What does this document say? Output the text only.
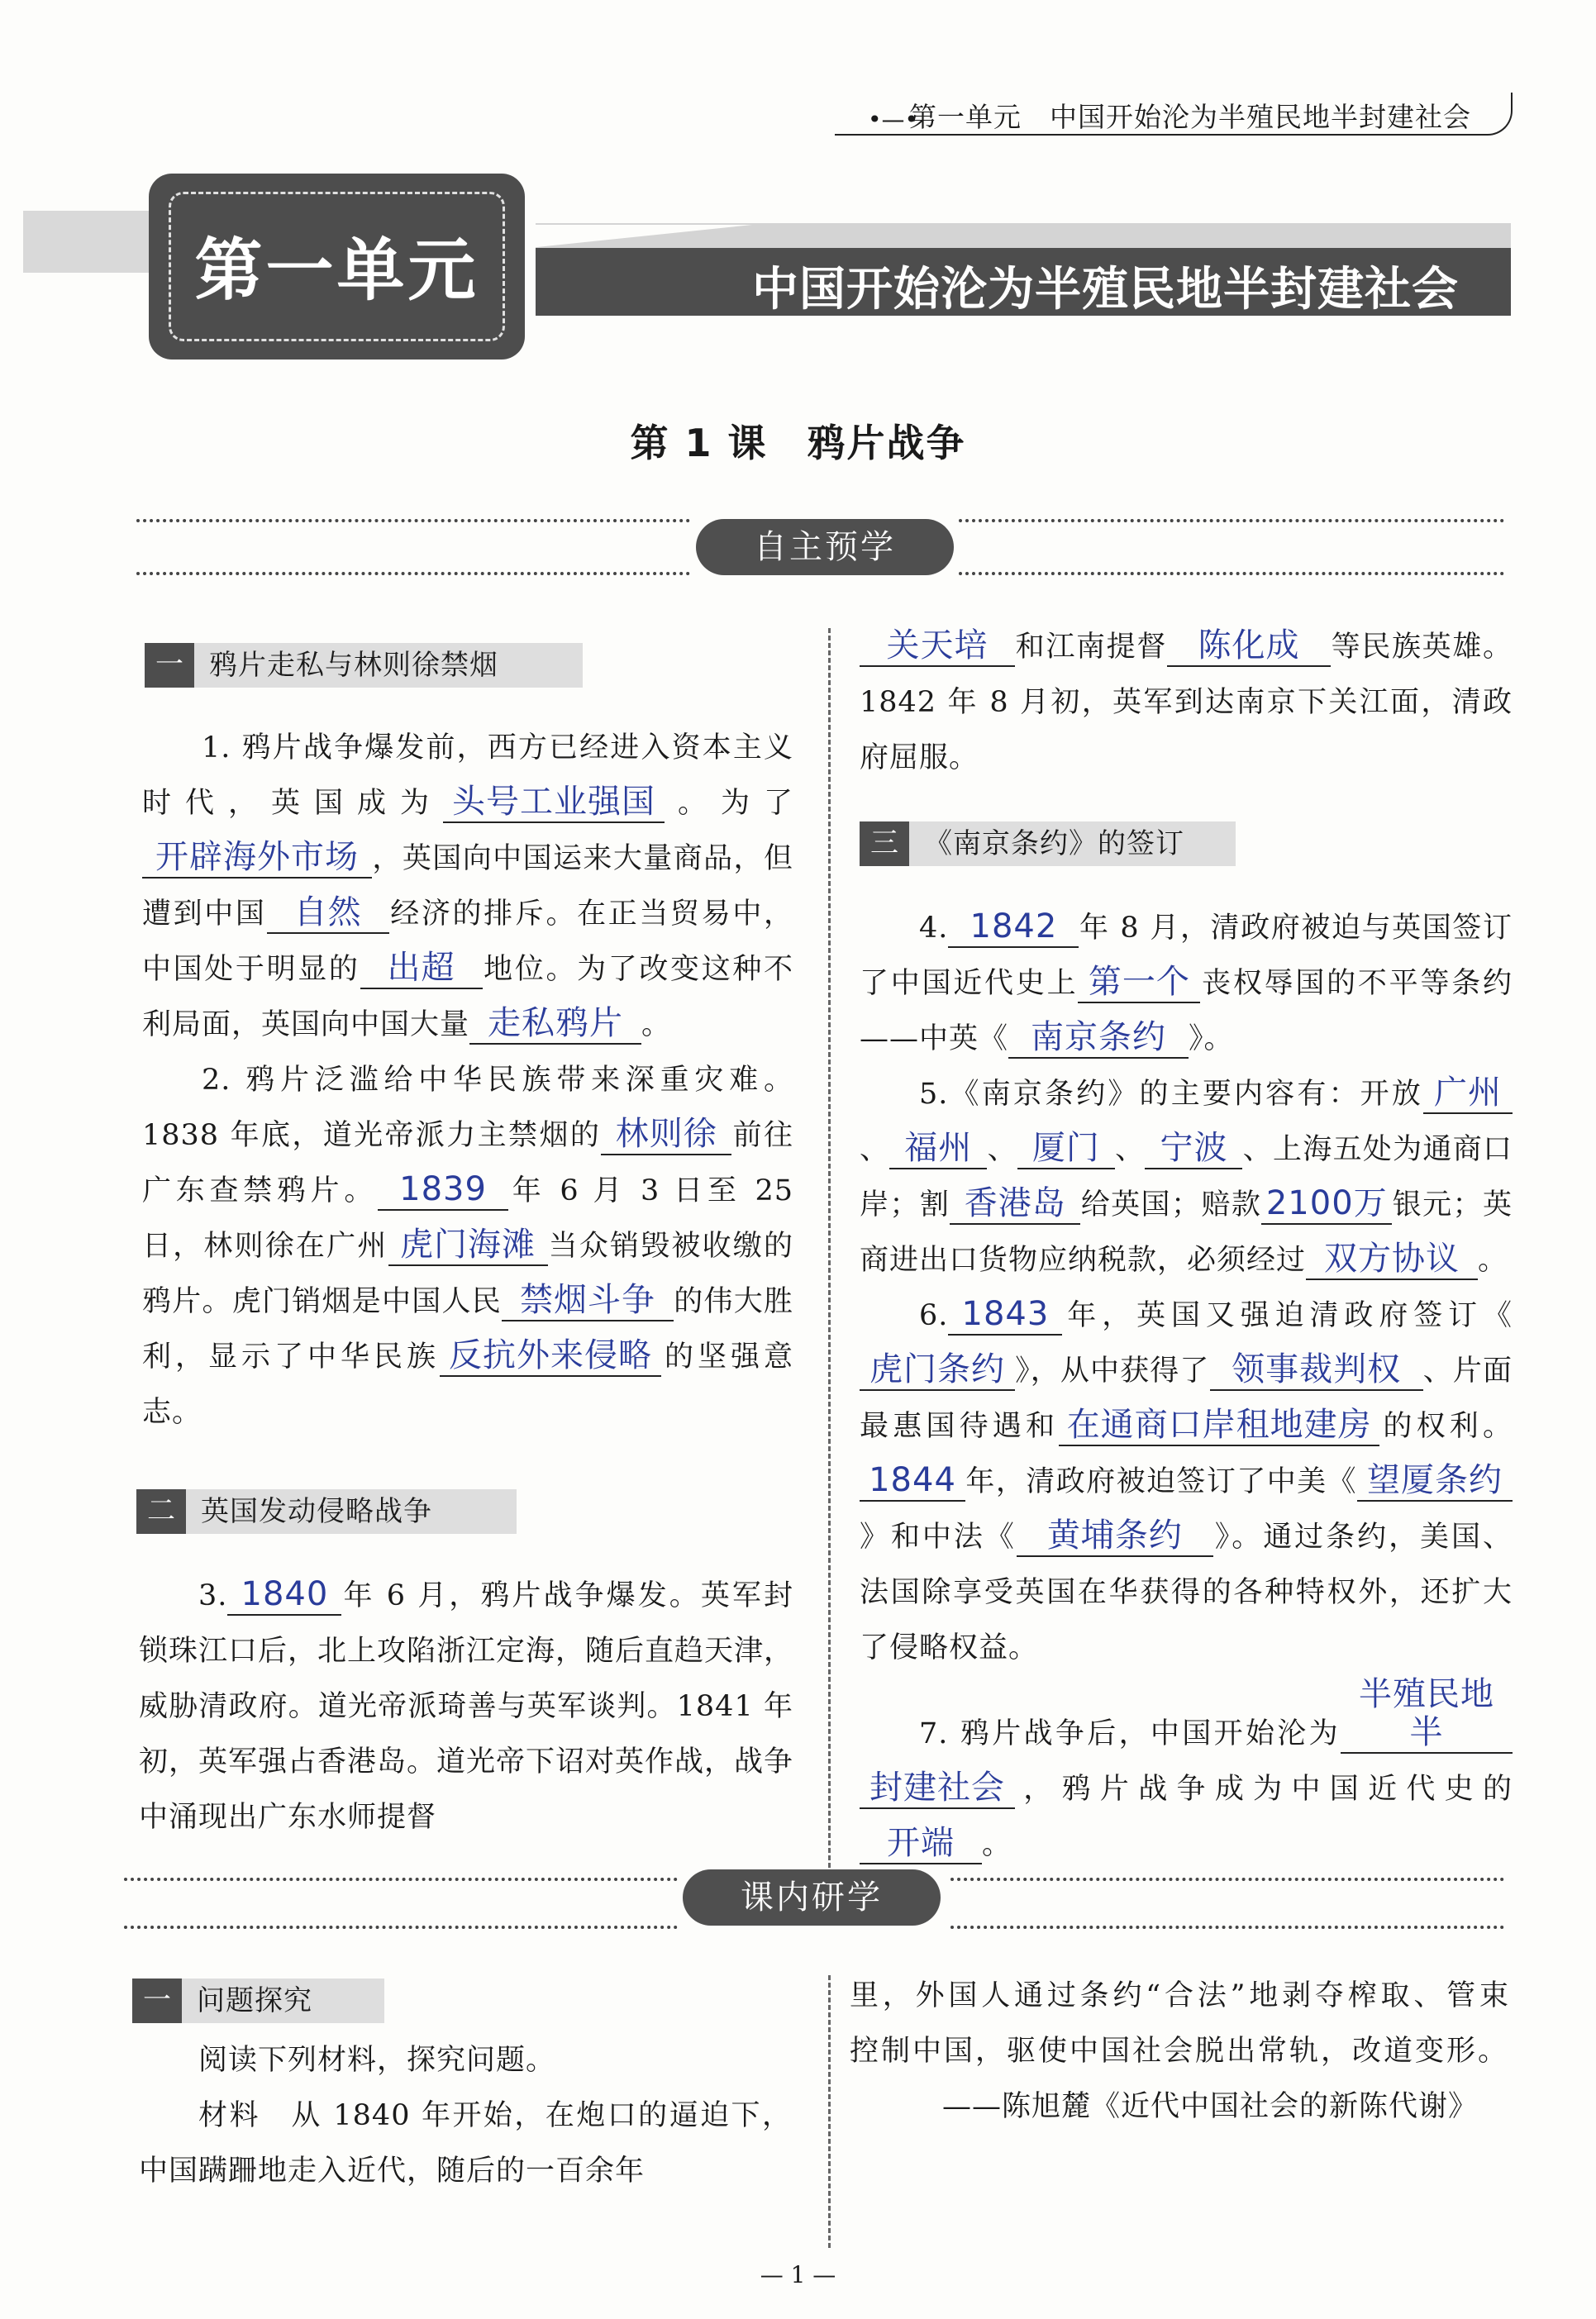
•—•
第一单元　中国开始沦为半殖民地半封建社会
第一单元	中国开始沦为半殖民地半封建社会
第 1 课　鸦片战争
自主预学
一 鸦片走私与林则徐禁烟

1. 鸦片战争爆发前，西方已经进入资本主义时代，英国成为 头号工业强国 。为了开辟海外市场 ，英国向中国运来大量商品，但遭到中国 自然 经济的排斥。在正当贸易中，中国处于明显的 出超 地位。为了改变这种不利局面，英国向中国大量 走私鸦片 。

2. 鸦片泛滥给中华民族带来深重灾难。1838 年底，道光帝派力主禁烟的 林则徐 前往广东查禁鸦片。 1839 年 6 月 3 日至 25 日，林则徐在广州 虎门海滩 当众销毁被收缴的鸦片。虎门销烟是中国人民 禁烟斗争 的伟大胜利，显示了中华民族 反抗外来侵略 的坚强意志。

二 英国发动侵略战争

3. 1840 年 6 月，鸦片战争爆发。英军封锁珠江口后，北上攻陷浙江定海，随后直趋天津，威胁清政府。道光帝派琦善与英军谈判。1841 年初，英军强占香港岛。道光帝下诏对英作战，战争中涌现出广东水师提督

关天培 和江南提督 陈化成 等民族英雄。1842 年 8 月初，英军到达南京下关江面，清政府屈服。

三 《南京条约》的签订

4. 1842 年 8 月，清政府被迫与英国签订了中国近代史上 第一个 丧权辱国的不平等条约——中英《 南京条约 》。

5.《南京条约》的主要内容有：开放 广州、 福州 、 厦门 、 宁波 、上海五处为通商口岸；割 香港岛 给英国；赔款 2100万 银元；英商进出口货物应纳税款，必须经过 双方协议 。

6. 1843 年，英国又强迫清政府签订《虎门条约 》，从中获得了 领事裁判权 、片面最惠国待遇和 在通商口岸租地建房 的权利。1844 年，清政府被迫签订了中美《 望厦条约》和中法《 黄埔条约 》。通过条约，美国、法国除享受英国在华获得的各种特权外，还扩大了侵略权益。

7. 鸦片战争后，中国开始沦为半殖民地半封建社会 ，鸦片战争成为中国近代史的开端 。

课内研学
一 问题探究

阅读下列材料，探究问题。

材料　 从 1840 年开始，在炮口的逼迫下，中国蹒跚地走入近代，随后的一百余年

里，外国人通过条约“合法”地剥夺榨取、管束控制中国，驱使中国社会脱出常轨，改道变形。

——陈旭麓《近代中国社会的新陈代谢》

— 1 —
